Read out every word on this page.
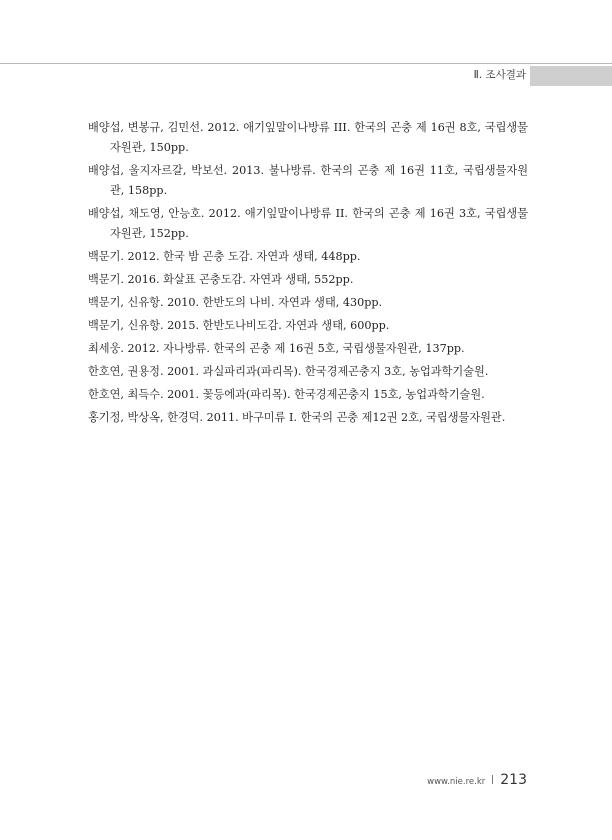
Ⅱ. 조사결과
배양섭, 변봉규, 김민선. 2012. 애기잎말이나방류 III. 한국의 곤충 제 16권 8호, 국립생물자원관, 150pp.
배양섭, 울지자르갈, 박보선. 2013. 불나방류. 한국의 곤충 제 16권 11호, 국립생물자원관, 158pp.
배양섭, 채도영, 안능호. 2012. 애기잎말이나방류 II. 한국의 곤충 제 16권 3호, 국립생물자원관, 152pp.
백문기. 2012. 한국 밤 곤충 도감. 자연과 생태, 448pp.
백문기. 2016. 화살표 곤충도감. 자연과 생태, 552pp.
백문기, 신유항. 2010. 한반도의 나비. 자연과 생태, 430pp.
백문기, 신유항. 2015. 한반도나비도감. 자연과 생태, 600pp.
최세웅. 2012. 자나방류. 한국의 곤충 제 16권 5호, 국립생물자원관, 137pp.
한호연, 권용정. 2001. 과실파리과(파리목). 한국경제곤충지 3호, 농업과학기술원.
한호연, 최득수. 2001. 꽃등에과(파리목). 한국경제곤충지 15호, 농업과학기술원.
홍기정, 박상옥, 한경덕. 2011. 바구미류 I. 한국의 곤충 제12권 2호, 국립생물자원관.
www.nie.re.kr 213
